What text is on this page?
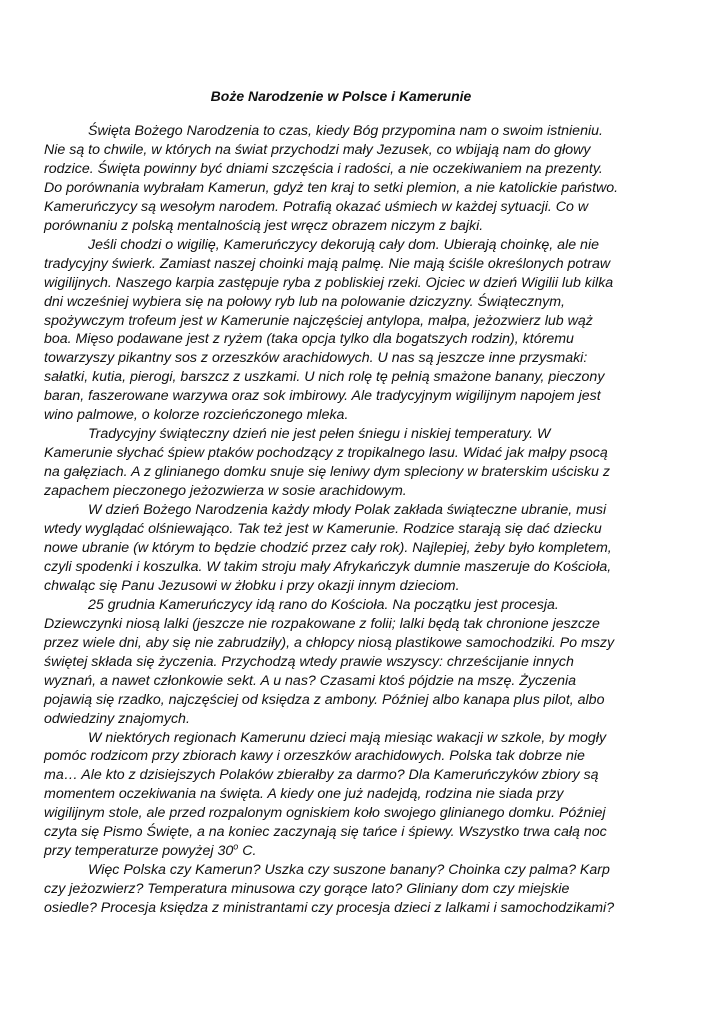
Boże Narodzenie w Polsce i Kamerunie

Święta Bożego Narodzenia to czas, kiedy Bóg przypomina nam o swoim istnieniu.
Nie są to chwile, w których na świat przychodzi mały Jezusek, co wbijają nam do głowy
rodzice. Święta powinny być dniami szczęścia i radości, a nie oczekiwaniem na prezenty.
Do porównania wybrałam Kamerun, gdyż ten kraj to setki plemion, a nie katolickie państwo.
Kameruńczycy są wesołym narodem. Potrafią okazać uśmiech w każdej sytuacji. Co w
porównaniu z polską mentalnością jest wręcz obrazem niczym z bajki.

Jeśli chodzi o wigilię, Kameruńczycy dekorują cały dom. Ubierają choinkę, ale nie
tradycyjny świerk. Zamiast naszej choinki mają palmę. Nie mają ściśle określonych potraw
wigilijnych. Naszego karpia zastępuje ryba z pobliskiej rzeki. Ojciec w dzień Wigilii lub kilka
dni wcześniej wybiera się na połowy ryb lub na polowanie dziczyzny. Świątecznym,
spożywczym trofeum jest w Kamerunie najczęściej antylopa, małpa, jeżozwierz lub wąż
boa. Mięso podawane jest z ryżem (taka opcja tylko dla bogatszych rodzin), któremu
towarzyszy pikantny sos z orzeszków arachidowych. U nas są jeszcze inne przysmaki:
sałatki, kutia, pierogi, barszcz z uszkami. U nich rolę tę pełnią smażone banany, pieczony
baran, faszerowane warzywa oraz sok imbirowy. Ale tradycyjnym wigilijnym napojem jest
wino palmowe, o kolorze rozcieńczonego mleka.

Tradycyjny świąteczny dzień nie jest pełen śniegu i niskiej temperatury. W
Kamerunie słychać śpiew ptaków pochodzący z tropikalnego lasu. Widać jak małpy psocą
na gałęziach. A z glinianego domku snuje się leniwy dym spleciony w braterskim uścisku z
zapachem pieczonego jeżozwierza w sosie arachidowym.

W dzień Bożego Narodzenia każdy młody Polak zakłada świąteczne ubranie, musi
wtedy wyglądać olśniewająco. Tak też jest w Kamerunie. Rodzice starają się dać dziecku
nowe ubranie (w którym to będzie chodzić przez cały rok). Najlepiej, żeby było kompletem,
czyli spodenki i koszulka. W takim stroju mały Afrykańczyk dumnie maszeruje do Kościoła,
chwaląc się Panu Jezusowi w żłobku i przy okazji innym dzieciom.

25 grudnia Kameruńczycy idą rano do Kościoła. Na początku jest procesja.
Dziewczynki niosą lalki (jeszcze nie rozpakowane z folii; lalki będą tak chronione jeszcze
przez wiele dni, aby się nie zabrudziły), a chłopcy niosą plastikowe samochodziki. Po mszy
świętej składa się życzenia. Przychodzą wtedy prawie wszyscy: chrześcijanie innych
wyznań, a nawet członkowie sekt. A u nas? Czasami ktoś pójdzie na mszę. Życzenia
pojawią się rzadko, najczęściej od księdza z ambony. Później albo kanapa plus pilot, albo
odwiedziny znajomych.

W niektórych regionach Kamerunu dzieci mają miesiąc wakacji w szkole, by mogły
pomóc rodzicom przy zbiorach kawy i orzeszków arachidowych. Polska tak dobrze nie
ma… Ale kto z dzisiejszych Polaków zbierałby za darmo? Dla Kameruńczyków zbiory są
momentem oczekiwania na święta. A kiedy one już nadejdą, rodzina nie siada przy
wigilijnym stole, ale przed rozpalonym ogniskiem koło swojego glinianego domku. Później
czyta się Pismo Święte, a na koniec zaczynają się tańce i śpiewy. Wszystko trwa całą noc
przy temperaturze powyżej 30$^o$ C.

Więc Polska czy Kamerun? Uszka czy suszone banany? Choinka czy palma? Karp
czy jeżozwierz? Temperatura minusowa czy gorące lato? Gliniany dom czy miejskie
osiedle? Procesja księdza z ministrantami czy procesja dzieci z lalkami i samochodzikami?
